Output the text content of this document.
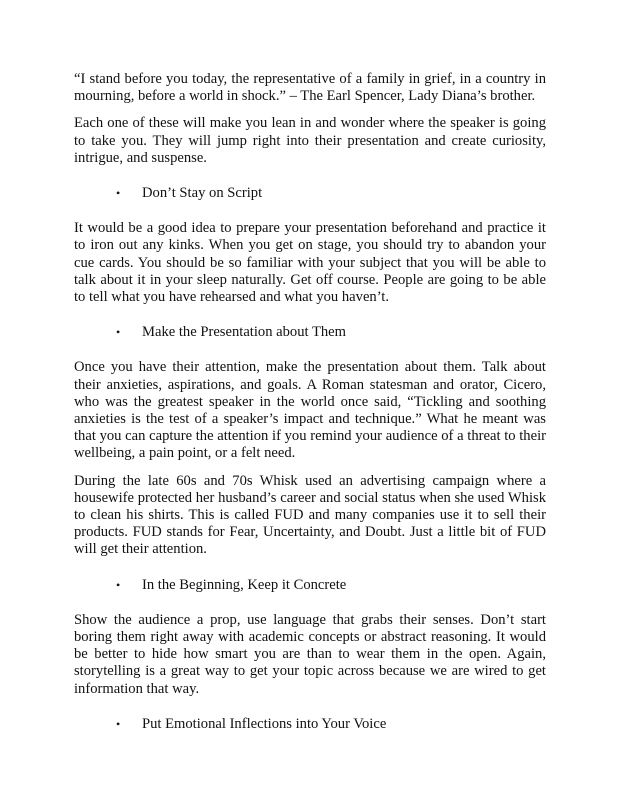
“I stand before you today, the representative of a family in grief, in a country in mourning, before a world in shock.” – The Earl Spencer, Lady Diana’s brother.

Each one of these will make you lean in and wonder where the speaker is going to take you. They will jump right into their presentation and create curiosity, intrigue, and suspense.

•	Don’t Stay on Script

It would be a good idea to prepare your presentation beforehand and practice it to iron out any kinks. When you get on stage, you should try to abandon your cue cards. You should be so familiar with your subject that you will be able to talk about it in your sleep naturally. Get off course. People are going to be able to tell what you have rehearsed and what you haven’t.

•	Make the Presentation about Them

Once you have their attention, make the presentation about them. Talk about their anxieties, aspirations, and goals. A Roman statesman and orator, Cicero, who was the greatest speaker in the world once said, “Tickling and soothing anxieties is the test of a speaker’s impact and technique.” What he meant was that you can capture the attention if you remind your audience of a threat to their wellbeing, a pain point, or a felt need.

During the late 60s and 70s Whisk used an advertising campaign where a housewife protected her husband’s career and social status when she used Whisk to clean his shirts. This is called FUD and many companies use it to sell their products. FUD stands for Fear, Uncertainty, and Doubt. Just a little bit of FUD will get their attention.

•	In the Beginning, Keep it Concrete

Show the audience a prop, use language that grabs their senses. Don’t start boring them right away with academic concepts or abstract reasoning. It would be better to hide how smart you are than to wear them in the open. Again, storytelling is a great way to get your topic across because we are wired to get information that way.

•	Put Emotional Inflections into Your Voice
